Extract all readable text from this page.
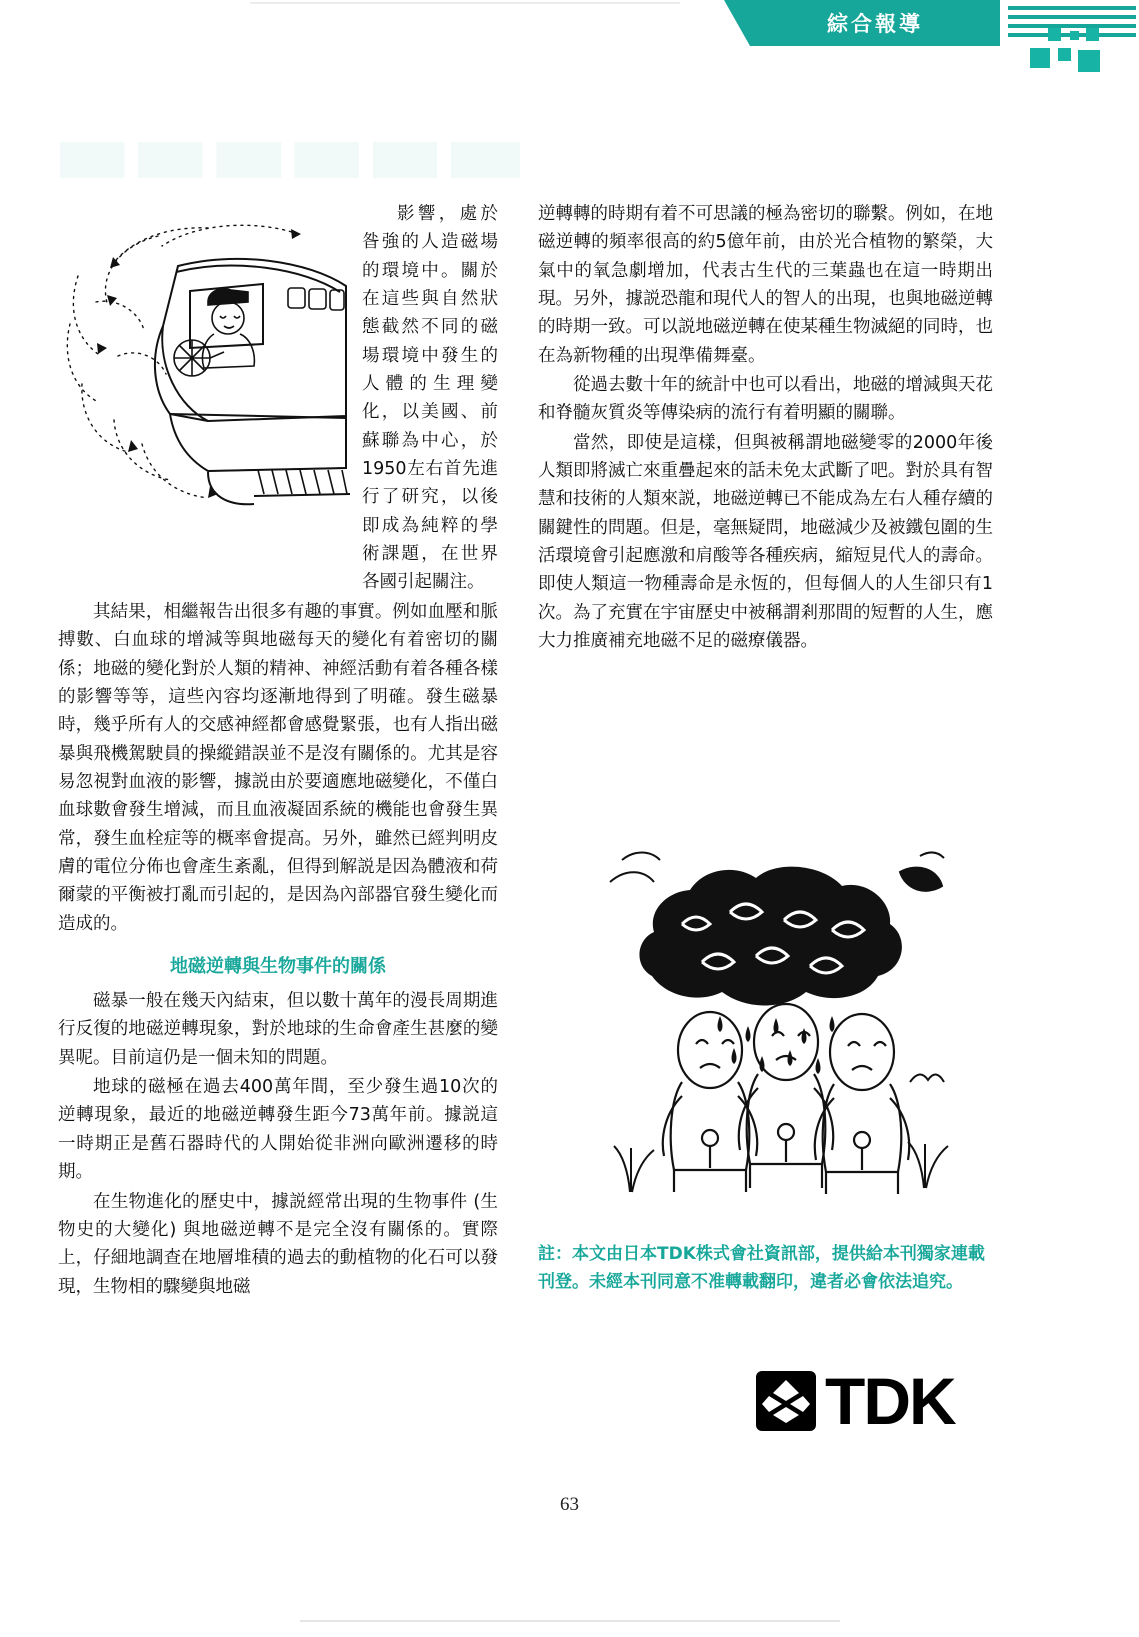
綜合報導

影響，處於昝強的人造磁場的環境中。關於在這些與自然狀態截然不同的磁場環境中發生的人體的生理變化，以美國、前蘇聯為中心，於1950左右首先進行了研究，以後即成為純粹的學術課題，在世界各國引起關注。

其結果，相繼報告出很多有趣的事實。例如血壓和脈搏數、白血球的增減等與地磁每天的變化有着密切的關係；地磁的變化對於人類的精神、神經活動有着各種各樣的影響等等，這些內容均逐漸地得到了明確。發生磁暴時，幾乎所有人的交感神經都會感覺緊張，也有人指出磁暴與飛機駕駛員的操縱錯誤並不是沒有關係的。尤其是容易忽視對血液的影響，據説由於要適應地磁變化，不僅白血球數會發生增減，而且血液凝固系統的機能也會發生異常，發生血栓症等的概率會提高。另外，雖然已經判明皮膚的電位分佈也會產生紊亂，但得到解説是因為體液和荷爾蒙的平衡被打亂而引起的，是因為內部器官發生變化而造成的。

地磁逆轉與生物事件的關係

磁暴一般在幾天內結束，但以數十萬年的漫長周期進行反復的地磁逆轉現象，對於地球的生命會產生甚麼的變異呢。目前這仍是一個未知的問題。

地球的磁極在過去400萬年間，至少發生過10次的逆轉現象，最近的地磁逆轉發生距今73萬年前。據説這一時期正是舊石器時代的人開始從非洲向歐洲遷移的時期。

在生物進化的歷史中，據説經常出現的生物事件 (生物史的大變化) 與地磁逆轉不是完全沒有關係的。實際上，仔細地調查在地層堆積的過去的動植物的化石可以發現，生物相的驟變與地磁

逆轉轉的時期有着不可思議的極為密切的聯繫。例如，在地磁逆轉的頻率很高的約5億年前，由於光合植物的繁榮，大氣中的氧急劇增加，代表古生代的三葉蟲也在這一時期出現。另外，據説恐龍和現代人的智人的出現，也與地磁逆轉的時期一致。可以説地磁逆轉在使某種生物滅絕的同時，也在為新物種的出現準備舞臺。

從過去數十年的統計中也可以看出，地磁的增減與天花和脊髓灰質炎等傳染病的流行有着明顯的關聯。

當然，即使是這樣，但與被稱謂地磁變零的2000年後人類即將滅亡來重疊起來的話未免太武斷了吧。對於具有智慧和技術的人類來説，地磁逆轉已不能成為左右人種存續的關鍵性的問題。但是，毫無疑問，地磁減少及被鐵包圍的生活環境會引起應激和肩酸等各種疾病，縮短見代人的壽命。即使人類這一物種壽命是永恆的，但每個人的人生卻只有1次。為了充實在宇宙歷史中被稱謂剎那間的短暫的人生，應大力推廣補充地磁不足的磁療儀器。

註：本文由日本TDK株式會社資訊部，提供給本刊獨家連載刊登。未經本刊同意不准轉載翻印，違者必會依法追究。
TDK
63
